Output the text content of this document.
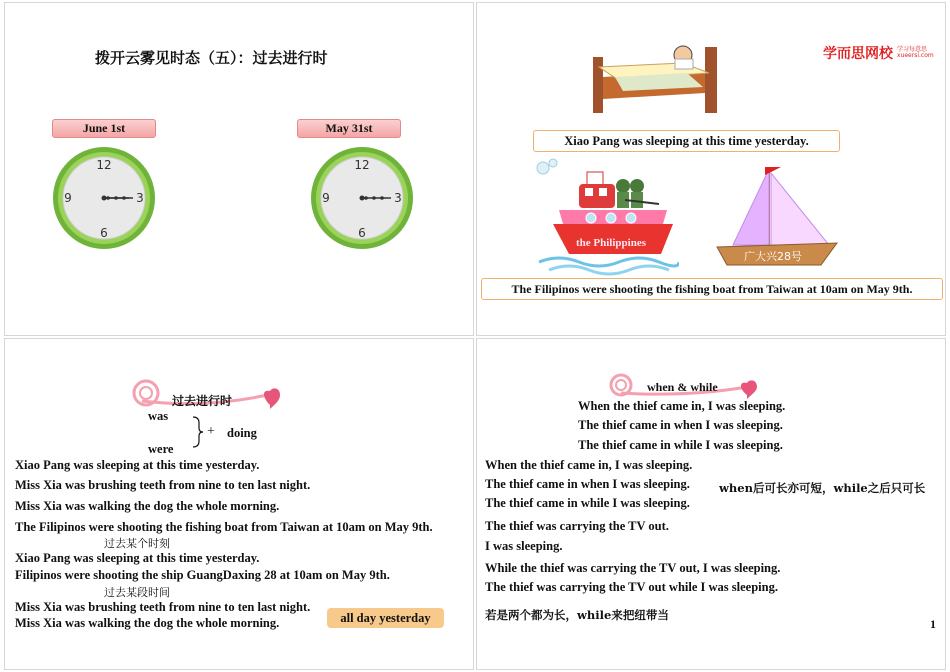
拨开云雾见时态（五）：过去进行时
June 1st	May 31st
12
3
6
9
12
3
6
9
学而思网校 学习每意思
xueersi.com
Xiao Pang was sleeping at this time yesterday.
the Philippines
广大兴28号
The Filipinos were shooting the fishing boat from Taiwan at 10am on May 9th.
过去进行时
was
were
+ doing
Xiao Pang was sleeping at this time yesterday.
Miss Xia was brushing teeth from nine to ten last night.
Miss Xia was walking the dog the whole morning.
The Filipinos were shooting the fishing boat from Taiwan at 10am on May 9th.
过去某个时刻
Xiao Pang was sleeping at this time yesterday.
Filipinos were shooting the ship GuangDaxing 28 at 10am on May 9th.
过去某段时间
Miss Xia was brushing teeth from nine to ten last night.
Miss Xia was walking the dog the whole morning.	all day yesterday
when & while
When the thief came in, I was sleeping.
The thief came in when I was sleeping.
The thief came in while I was sleeping.
When the thief came in, I was sleeping.
The thief came in when I was sleeping.
The thief came in while I was sleeping.
when后可长亦可短，while之后只可长
The thief was carrying the TV out.
I was sleeping.
While the thief was carrying the TV out, I was sleeping.
The thief was carrying the TV out while I was sleeping.
若是两个都为长，while来把纽带当
1
